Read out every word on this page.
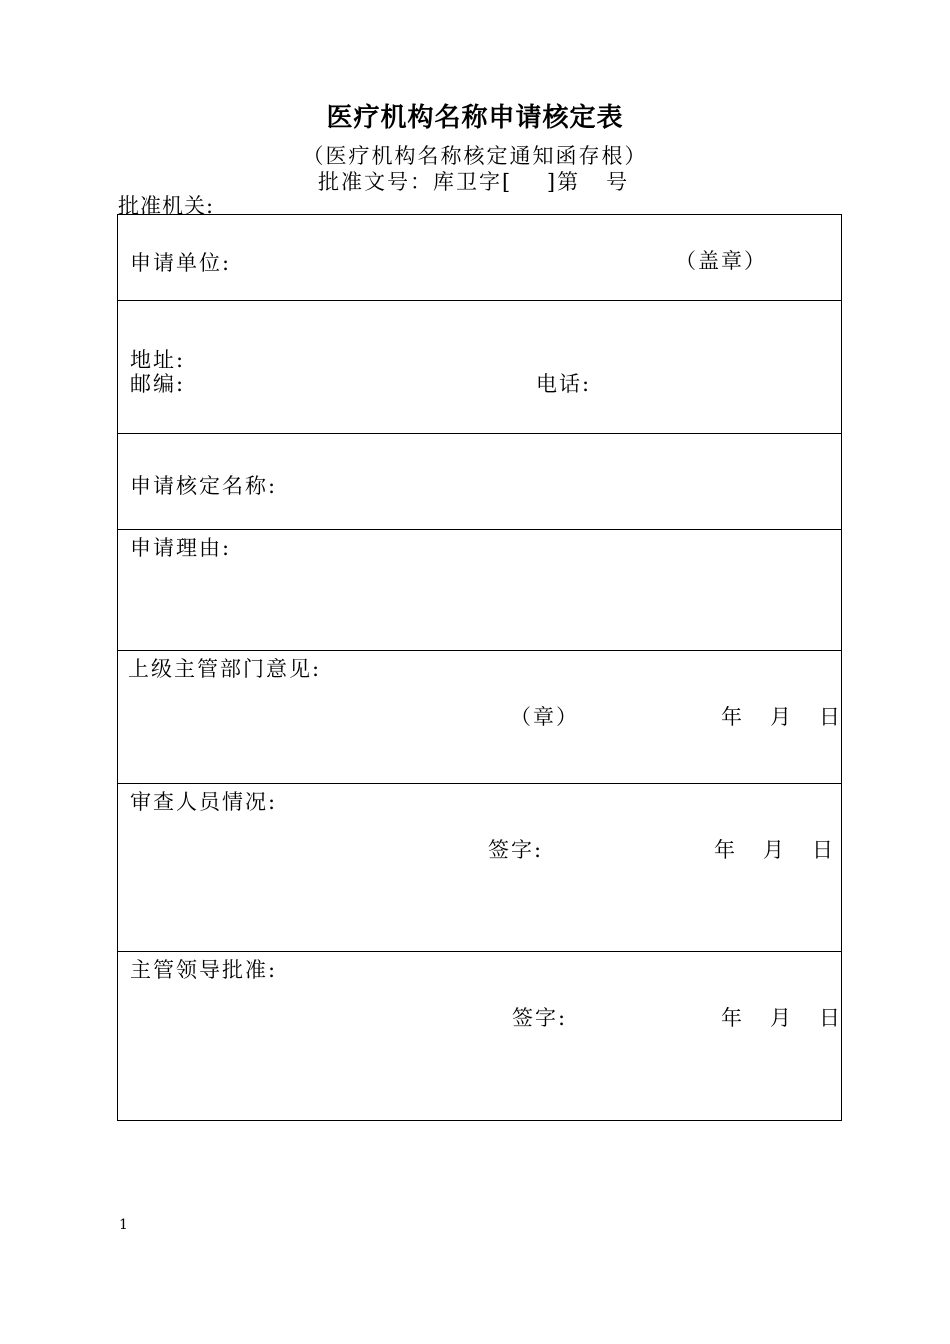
医疗机构名称申请核定表
（医疗机构名称核定通知函存根）
批准文号：库卫字[    ]第   号
批准机关:
申请单位:	（盖章）
地址:
邮编:	电话:
申请核定名称:
申请理由:
上级主管部门意见:
（章）	年   月   日
审查人员情况:
签字:	年   月   日
主管领导批准:
签字:	年   月   日
1
